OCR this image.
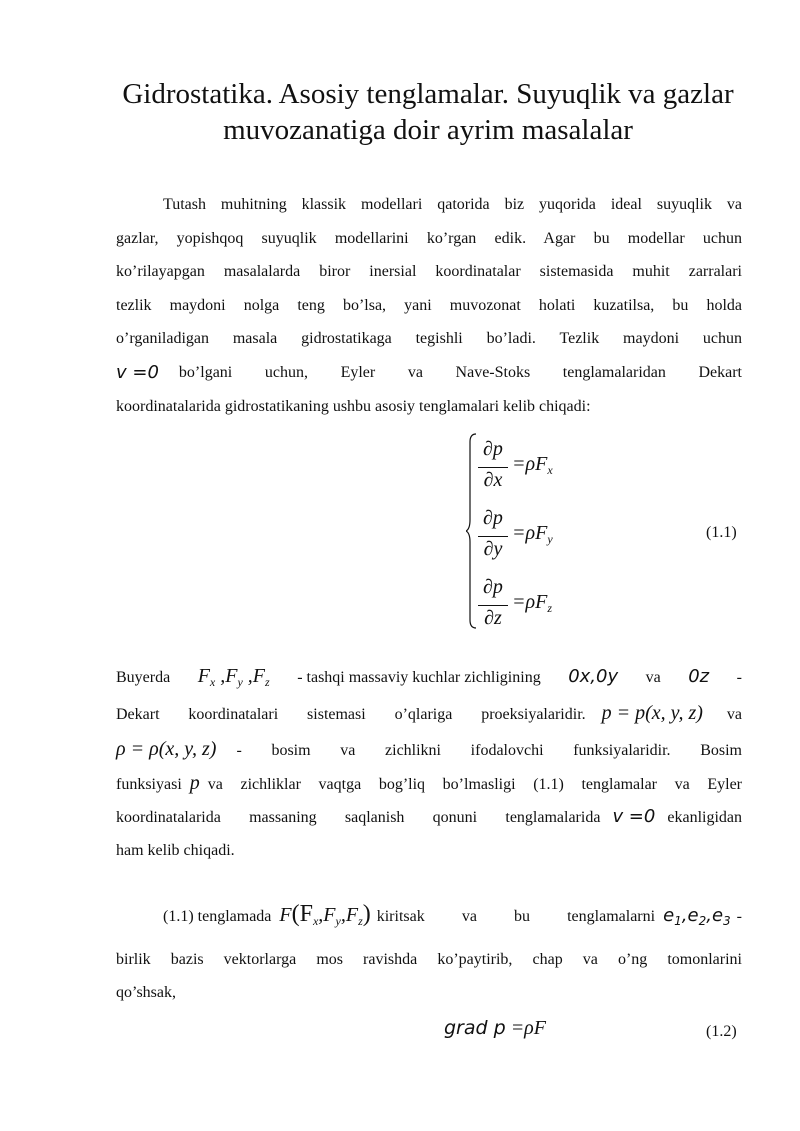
Gidrostatika. Asosiy tenglamalar. Suyuqlik va gazlar
muvozanatiga doir ayrim masalalar
Tutash muhitning klassik modellari qatorida biz yuqorida ideal suyuqlik va
gazlar, yopishqoq suyuqlik modellarini ko’rgan edik. Agar bu modellar uchun
ko’rilayapgan masalalarda biror inersial koordinatalar sistemasida muhit zarralari
tezlik maydoni nolga teng bo’lsa, yani muvozonat holati kuzatilsa, bu holda
o’rganiladigan masala gidrostatikaga tegishli bo’ladi. Tezlik maydoni uchun
v =0 bo’lgani uchun, Eyler va Nave-Stoks tenglamalaridan Dekart
koordinatalarida gidrostatikaning ushbu asosiy tenglamalari kelib chiqadi:
∂p
∂x
$=\rho F_x$
∂p
∂y
$=\rho F_y$
∂p
∂z
$=\rho F_z$
(1.1)
Buyerda $F_x$ $,F_y$ $,F_z$ - tashqi massaviy kuchlar zichligining 0x,0y va 0z -
Dekart koordinatalari sistemasi o’qlariga proeksiyalaridir. p = p(x, y, z) va
ρ = ρ(x, y, z) - bosim va zichlikni ifodalovchi funksiyalaridir. Bosim
funksiyasi p va zichliklar vaqtga bog’liq bo’lmasligi (1.1) tenglamalar va Eyler
koordinatalarida massaning saqlanish qonuni tenglamalarida v =0 ekanligidan
ham kelib chiqadi.
(1.1) tenglamada $F(F_x,F_y,F_z)$ kiritsak va bu tenglamalarni $e_1,e_2,e_3$ -
birlik bazis vektorlarga mos ravishda ko’paytirib, chap va o’ng tomonlarini
qo’shsak,
grad p =ρF	(1.2)
